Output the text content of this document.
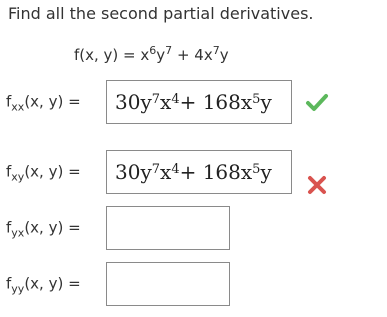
Find all the second partial derivatives.
f(x, $y) = x^6y^7 + 4x^7y$
$f_{xx}(x$, $y) = 30y^7$ $x^4 + 168x^5$ y
$f_{xy}(x$, $y) = 30y^7$ $x^4 + 168x^5$ y
$f_{yx}(x$, y) =
$f_{yy}(x$, y) =
